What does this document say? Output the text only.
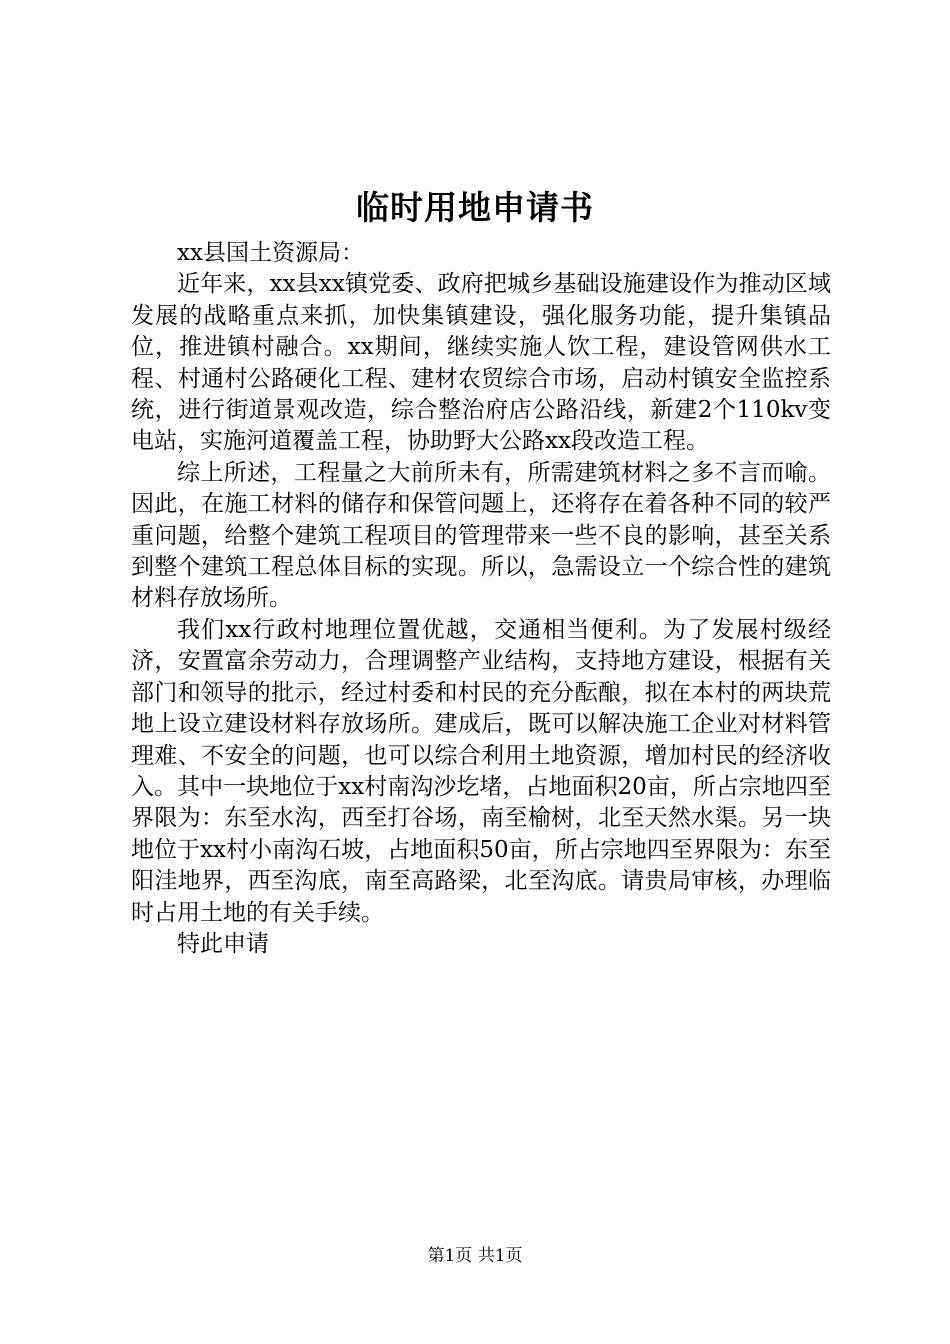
临时用地申请书

xx县国土资源局：

近年来，xx县xx镇党委、政府把城乡基础设施建设作为推动区域发展的战略重点来抓，加快集镇建设，强化服务功能，提升集镇品位，推进镇村融合。xx期间，继续实施人饮工程，建设管网供水工程、村通村公路硬化工程、建材农贸综合市场，启动村镇安全监控系统，进行街道景观改造，综合整治府店公路沿线，新建2个110kv变电站，实施河道覆盖工程，协助野大公路xx段改造工程。

综上所述，工程量之大前所未有，所需建筑材料之多不言而喻。因此，在施工材料的储存和保管问题上，还将存在着各种不同的较严重问题，给整个建筑工程项目的管理带来一些不良的影响，甚至关系到整个建筑工程总体目标的实现。所以，急需设立一个综合性的建筑材料存放场所。

我们xx行政村地理位置优越，交通相当便利。为了发展村级经济，安置富余劳动力，合理调整产业结构，支持地方建设，根据有关部门和领导的批示，经过村委和村民的充分酝酿，拟在本村的两块荒地上设立建设材料存放场所。建成后，既可以解决施工企业对材料管理难、不安全的问题，也可以综合利用土地资源，增加村民的经济收入。其中一块地位于xx村南沟沙圪堵，占地面积20亩，所占宗地四至界限为：东至水沟，西至打谷场，南至榆树，北至天然水渠。另一块地位于xx村小南沟石坡，占地面积50亩，所占宗地四至界限为：东至阳洼地界，西至沟底，南至高路梁，北至沟底。请贵局审核，办理临时占用土地的有关手续。

特此申请

第1页 共1页
